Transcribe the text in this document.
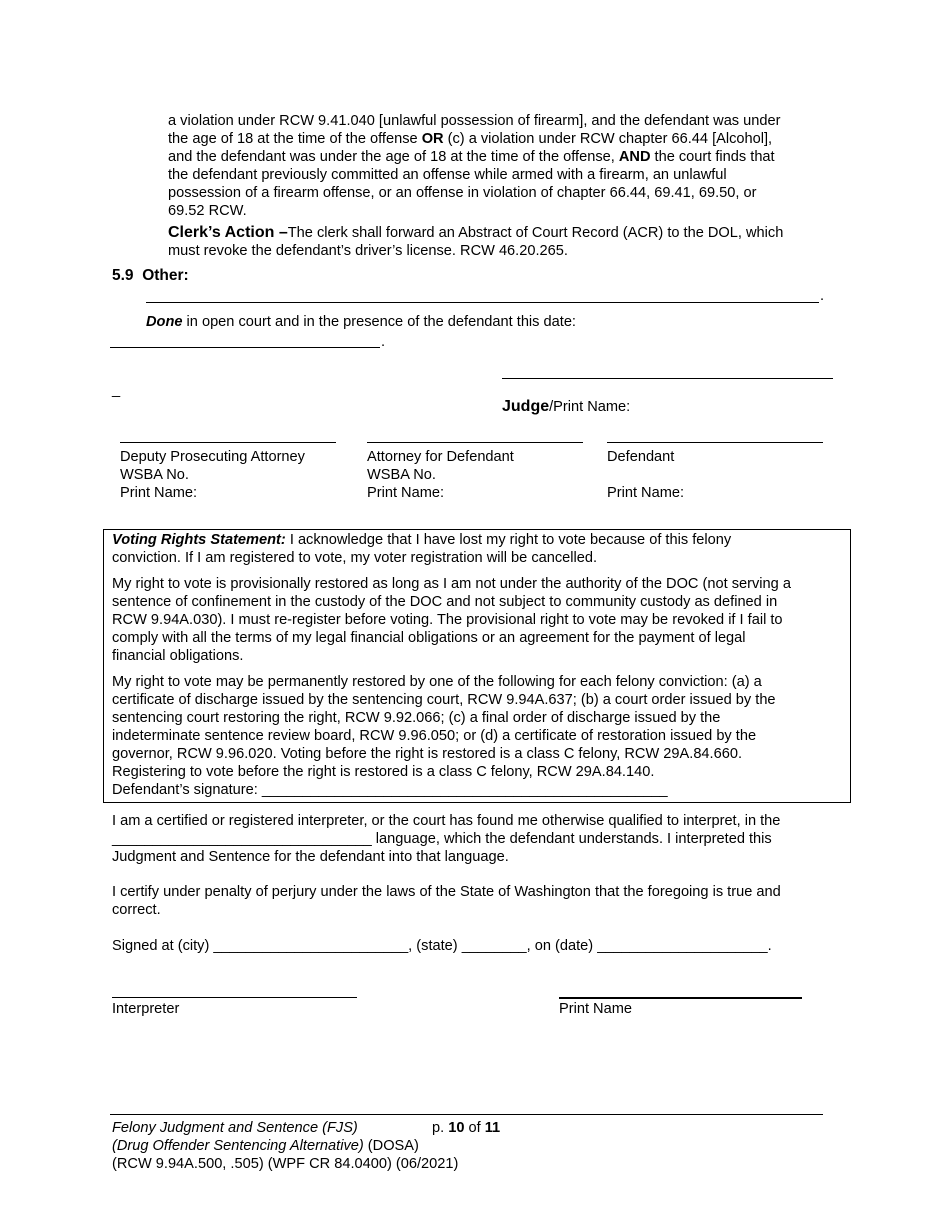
a violation under RCW 9.41.040 [unlawful possession of firearm], and the defendant was under
the age of 18 at the time of the offense OR (c) a violation under RCW chapter 66.44 [Alcohol],
and the defendant was under the age of 18 at the time of the offense, AND the court finds that
the defendant previously committed an offense while armed with a firearm, an unlawful
possession of a firearm offense, or an offense in violation of chapter 66.44, 69.41, 69.50, or
69.52 RCW.
Clerk’s Action –The clerk shall forward an Abstract of Court Record (ACR) to the DOL, which
must revoke the defendant’s driver’s license. RCW 46.20.265.
5.9 Other:
.
Done in open court and in the presence of the defendant this date:
.
_
Judge/Print Name:
Deputy Prosecuting Attorney
WSBA No.
Print Name:
Attorney for Defendant
WSBA No.
Print Name:
Defendant
Print Name:
Voting Rights Statement: I acknowledge that I have lost my right to vote because of this felony
conviction. If I am registered to vote, my voter registration will be cancelled.
My right to vote is provisionally restored as long as I am not under the authority of the DOC (not serving a
sentence of confinement in the custody of the DOC and not subject to community custody as defined in
RCW 9.94A.030). I must re-register before voting. The provisional right to vote may be revoked if I fail to
comply with all the terms of my legal financial obligations or an agreement for the payment of legal
financial obligations.
My right to vote may be permanently restored by one of the following for each felony conviction: (a) a
certificate of discharge issued by the sentencing court, RCW 9.94A.637; (b) a court order issued by the
sentencing court restoring the right, RCW 9.92.066; (c) a final order of discharge issued by the
indeterminate sentence review board, RCW 9.96.050; or (d) a certificate of restoration issued by the
governor, RCW 9.96.020. Voting before the right is restored is a class C felony, RCW 29A.84.660.
Registering to vote before the right is restored is a class C felony, RCW 29A.84.140.
Defendant’s signature: __________________________________________________
I am a certified or registered interpreter, or the court has found me otherwise qualified to interpret, in the
________________________________ language, which the defendant understands. I interpreted this
Judgment and Sentence for the defendant into that language.
I certify under penalty of perjury under the laws of the State of Washington that the foregoing is true and
correct.
Signed at (city) ________________________, (state) ________, on (date) _____________________.
Interpreter	Print Name
Felony Judgment and Sentence (FJS)	p. 10 of 11
(Drug Offender Sentencing Alternative) (DOSA)
(RCW 9.94A.500, .505) (WPF CR 84.0400) (06/2021)
